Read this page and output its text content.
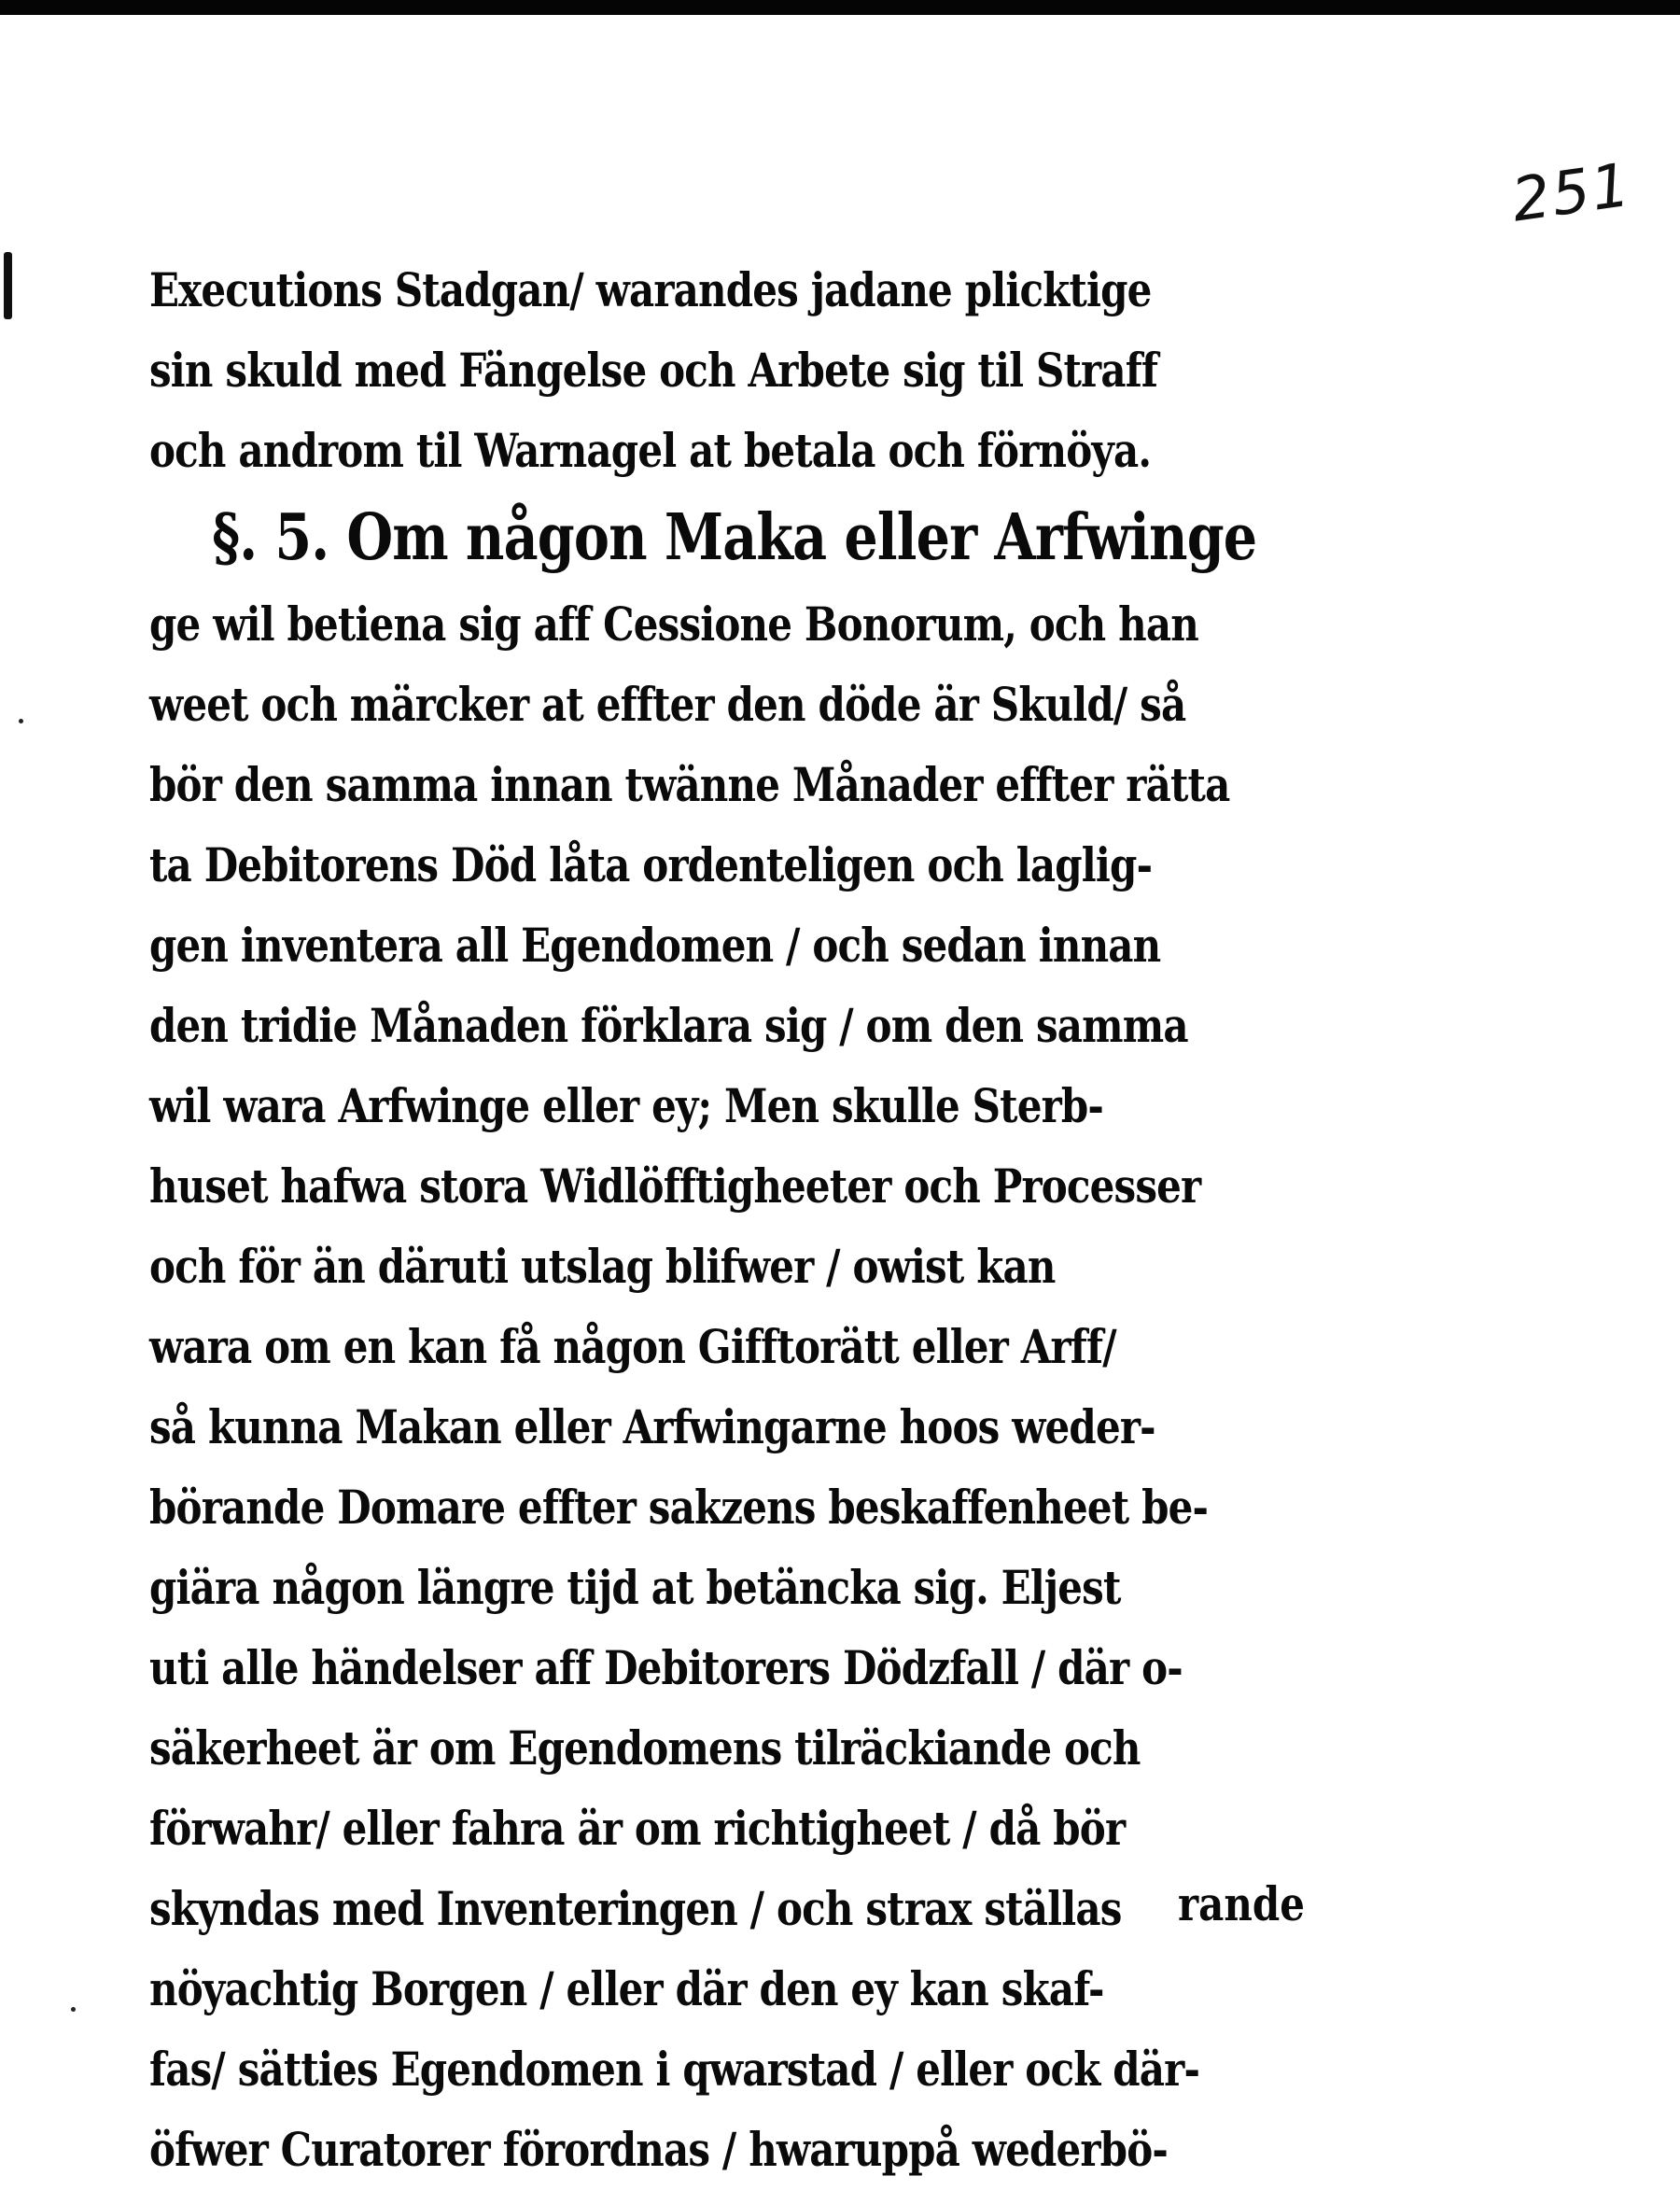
251
Executions Stadgan/ warandes jadane plicktige
sin skuld med Fängelse och Arbete sig til Straff
och androm til Warnagel at betala och förnöya.
§. 5. Om någon Maka eller Arfwinge
ge wil betiena sig aff Cessione Bonorum, och han
weet och märcker at effter den döde är Skuld/ så
bör den samma innan twänne Månader effter rätta
ta Debitorens Död låta ordenteligen och laglig-
gen inventera all Egendomen / och sedan innan
den tridie Månaden förklara sig / om den samma
wil wara Arfwinge eller ey; Men skulle Sterb-
huset hafwa stora Widlöfftigheeter och Processer
och för än däruti utslag blifwer / owist kan
wara om en kan få någon Gifftorätt eller Arff/
så kunna Makan eller Arfwingarne hoos weder-
börande Domare effter sakzens beskaffenheet be-
giära någon längre tijd at betäncka sig. Eljest
uti alle händelser aff Debitorers Dödzfall / där o-
säkerheet är om Egendomens tilräckiande och
förwahr/ eller fahra är om richtigheet / då bör
skyndas med Inventeringen / och strax ställas
nöyachtig Borgen / eller där den ey kan skaf-
fas/ sätties Egendomen i qwarstad / eller ock där-
öfwer Curatorer förordnas / hwaruppå wederbö-
rande
